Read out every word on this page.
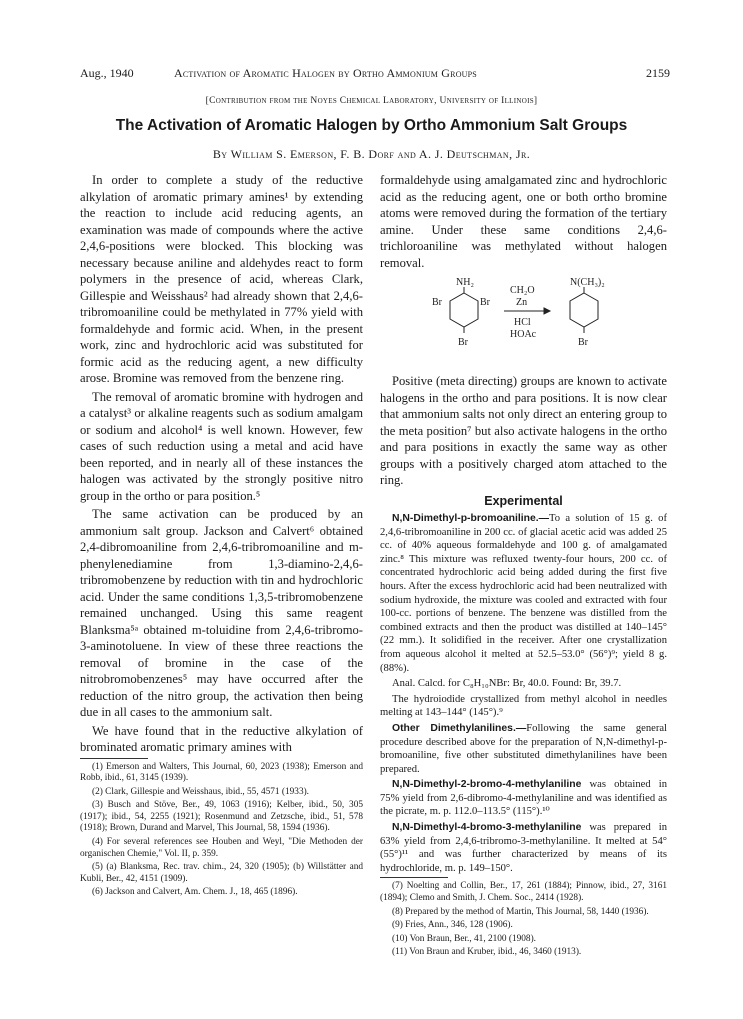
Aug., 1940	Activation of Aromatic Halogen by Ortho Ammonium Groups	2159
[Contribution from the Noyes Chemical Laboratory, University of Illinois]
The Activation of Aromatic Halogen by Ortho Ammonium Salt Groups
By William S. Emerson, F. B. Dorf and A. J. Deutschman, Jr.

In order to complete a study of the reductive alkylation of aromatic primary amines¹ by extending the reaction to include acid reducing agents, an examination was made of compounds where the active 2,4,6-positions were blocked. This blocking was necessary because aniline and aldehydes react to form polymers in the presence of acid, whereas Clark, Gillespie and Weisshaus² had already shown that 2,4,6-tribromoaniline could be methylated in 77% yield with formaldehyde and formic acid. When, in the present work, zinc and hydrochloric acid was substituted for formic acid as the reducing agent, a new difficulty arose. Bromine was removed from the benzene ring.

The removal of aromatic bromine with hydrogen and a catalyst³ or alkaline reagents such as sodium amalgam or sodium and alcohol⁴ is well known. However, few cases of such reduction using a metal and acid have been reported, and in nearly all of these instances the halogen was activated by the strongly positive nitro group in the ortho or para position.⁵

The same activation can be produced by an ammonium salt group. Jackson and Calvert⁶ obtained 2,4-dibromoaniline from 2,4,6-tribromoaniline and m-phenylenediamine from 1,3-diamino-2,4,6-tribromobenzene by reduction with tin and hydrochloric acid. Under the same conditions 1,3,5-tribromobenzene remained unchanged. Using this same reagent Blanksma⁵ᵃ obtained m-toluidine from 2,4,6-tribromo-3-aminotoluene. In view of these three reactions the removal of bromine in the case of the nitrobromobenzenes⁵ may have occurred after the reduction of the nitro group, the activation then being due in all cases to the ammonium salt.

We have found that in the reductive alkylation of brominated aromatic primary amines with

(1) Emerson and Walters, This Journal, 60, 2023 (1938); Emerson and Robb, ibid., 61, 3145 (1939).

(2) Clark, Gillespie and Weisshaus, ibid., 55, 4571 (1933).

(3) Busch and Stöve, Ber., 49, 1063 (1916); Kelber, ibid., 50, 305 (1917); ibid., 54, 2255 (1921); Rosenmund and Zetzsche, ibid., 51, 578 (1918); Brown, Durand and Marvel, This Journal, 58, 1594 (1936).

(4) For several references see Houben and Weyl, "Die Methoden der organischen Chemie," Vol. II, p. 359.

(5) (a) Blanksma, Rec. trav. chim., 24, 320 (1905); (b) Willstätter and Kubli, Ber., 42, 4151 (1909).

(6) Jackson and Calvert, Am. Chem. J., 18, 465 (1896).

formaldehyde using amalgamated zinc and hydrochloric acid as the reducing agent, one or both ortho bromine atoms were removed during the formation of the tertiary amine. Under these same conditions 2,4,6-trichloroaniline was methylated without halogen removal.

NH₂
Br	Br
Br
CH₂O
Zn
HCl
HOAc
N(CH₃)₂
Br

Positive (meta directing) groups are known to activate halogens in the ortho and para positions. It is now clear that ammonium salts not only direct an entering group to the meta position⁷ but also activate halogens in the ortho and para positions in exactly the same way as other groups with a positively charged atom attached to the ring.

Experimental

N,N-Dimethyl-p-bromoaniline.—To a solution of 15 g. of 2,4,6-tribromoaniline in 200 cc. of glacial acetic acid was added 25 cc. of 40% aqueous formaldehyde and 100 g. of amalgamated zinc.⁸ This mixture was refluxed twenty-four hours, 200 cc. of concentrated hydrochloric acid being added during the first five hours. After the excess hydrochloric acid had been neutralized with sodium hydroxide, the mixture was cooled and extracted with four 100-cc. portions of benzene. The benzene was distilled from the combined extracts and then the product was distilled at 140–145° (22 mm.). It solidified in the receiver. After one crystallization from aqueous alcohol it melted at 52.5–53.0° (56°)⁹; yield 8 g. (88%).

Anal. Calcd. for C₈H₁₀NBr: Br, 40.0. Found: Br, 39.7.

The hydroiodide crystallized from methyl alcohol in needles melting at 143–144° (145°).⁹

Other Dimethylanilines.—Following the same general procedure described above for the preparation of N,N-dimethyl-p-bromoaniline, five other substituted dimethylanilines have been prepared.

N,N-Dimethyl-2-bromo-4-methylaniline was obtained in 75% yield from 2,6-dibromo-4-methylaniline and was identified as the picrate, m. p. 112.0–113.5° (115°).¹⁰

N,N-Dimethyl-4-bromo-3-methylaniline was prepared in 63% yield from 2,4,6-tribromo-3-methylaniline. It melted at 54° (55°)¹¹ and was further characterized by means of its hydrochloride, m. p. 149–150°.

(7) Noelting and Collin, Ber., 17, 261 (1884); Pinnow, ibid., 27, 3161 (1894); Clemo and Smith, J. Chem. Soc., 2414 (1928).

(8) Prepared by the method of Martin, This Journal, 58, 1440 (1936).

(9) Fries, Ann., 346, 128 (1906).

(10) Von Braun, Ber., 41, 2100 (1908).

(11) Von Braun and Kruber, ibid., 46, 3460 (1913).
